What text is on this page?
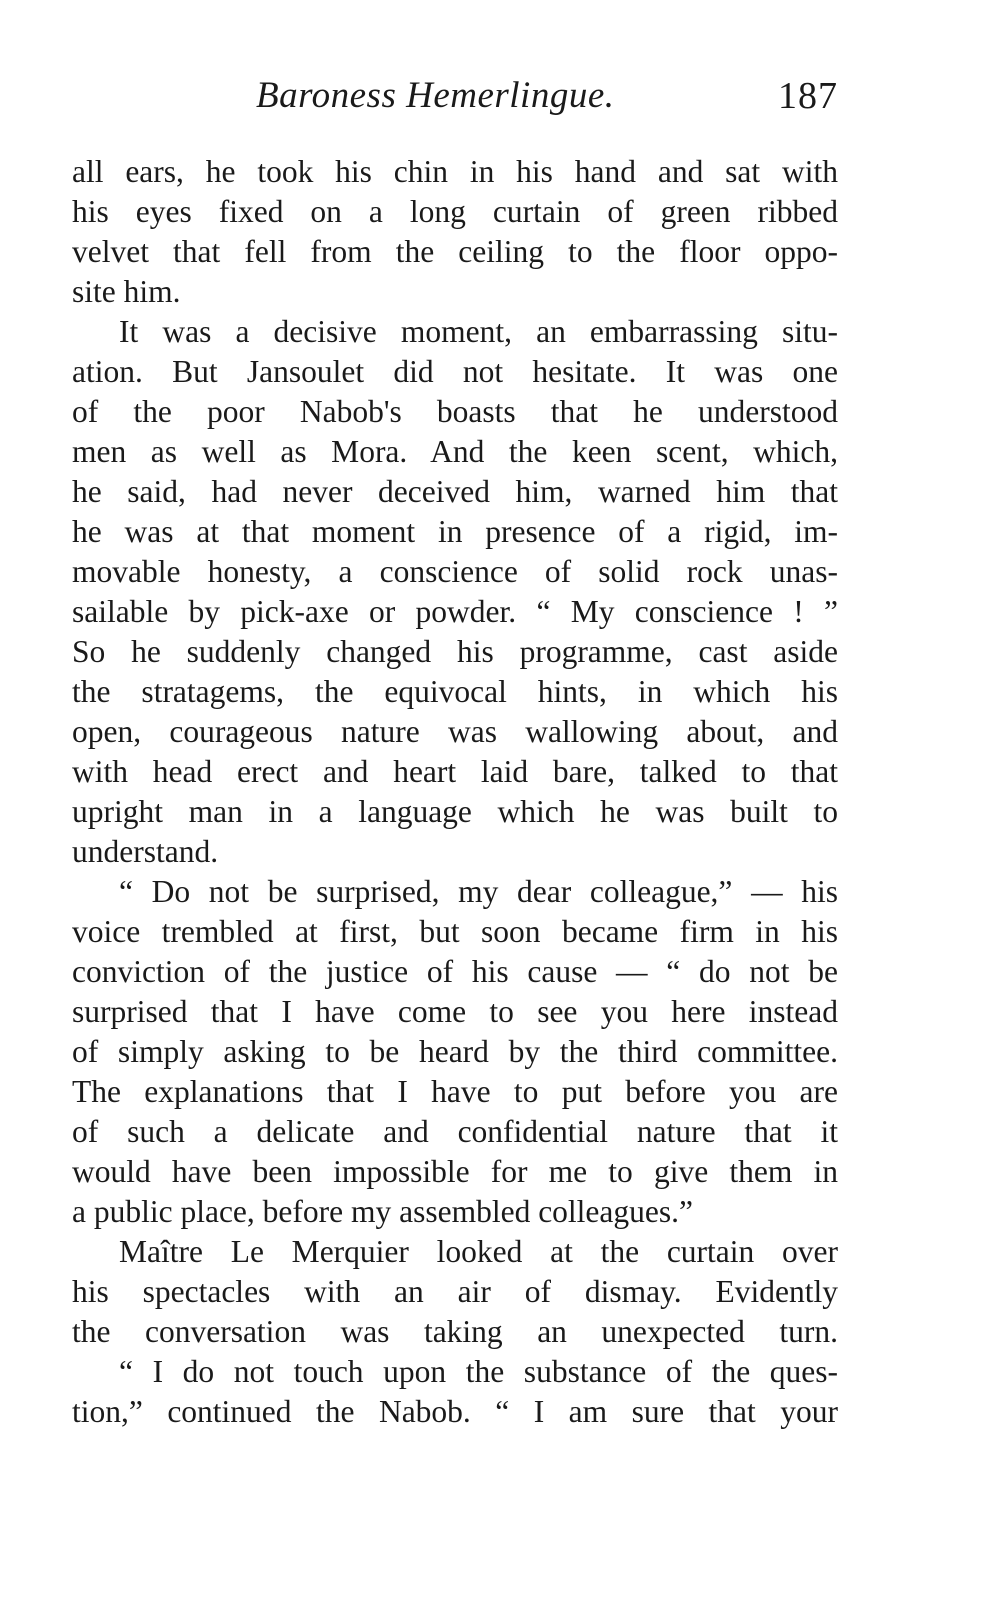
Baroness Hemerlingue.	187
all ears, he took his chin in his hand and sat with
his eyes fixed on a long curtain of green ribbed
velvet that fell from the ceiling to the floor oppo-
site him.
It was a decisive moment, an embarrassing situ-
ation. But Jansoulet did not hesitate. It was one
of the poor Nabob's boasts that he understood
men as well as Mora. And the keen scent, which,
he said, had never deceived him, warned him that
he was at that moment in presence of a rigid, im-
movable honesty, a conscience of solid rock unas-
sailable by pick-axe or powder. “ My conscience ! ”
So he suddenly changed his programme, cast aside
the stratagems, the equivocal hints, in which his
open, courageous nature was wallowing about, and
with head erect and heart laid bare, talked to that
upright man in a language which he was built to
understand.
“ Do not be surprised, my dear colleague,” — his
voice trembled at first, but soon became firm in his
conviction of the justice of his cause — “ do not be
surprised that I have come to see you here instead
of simply asking to be heard by the third committee.
The explanations that I have to put before you are
of such a delicate and confidential nature that it
would have been impossible for me to give them in
a public place, before my assembled colleagues.”
Maître Le Merquier looked at the curtain over
his spectacles with an air of dismay. Evidently
the conversation was taking an unexpected turn.
“ I do not touch upon the substance of the ques-
tion,” continued the Nabob. “ I am sure that your
